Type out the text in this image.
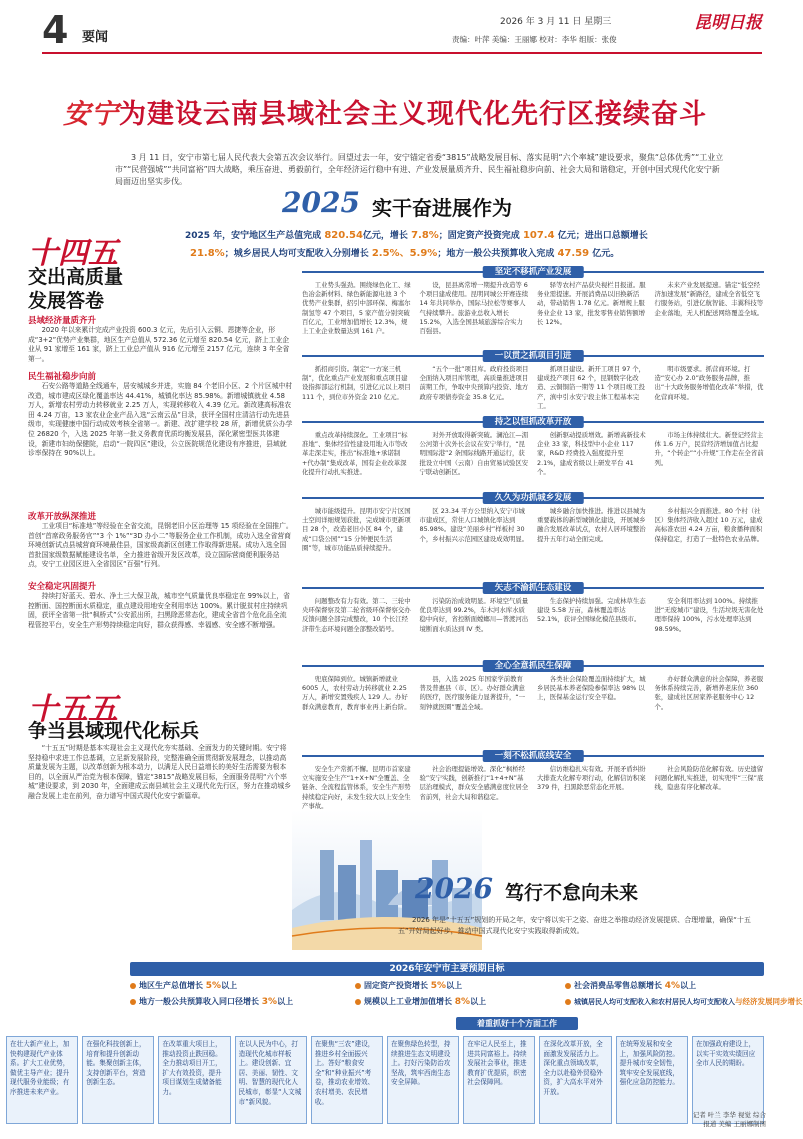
4 要闻
2026 年 3 月 11 日 星期三	昆明日报
责编：叶萍 美编：王丽娜 校对：李华 组版：张俊
安宁为建设云南县域社会主义现代化先行区接续奋斗
3 月 11 日，安宁市第七届人民代表大会第五次会议举行。回望过去一年，安宁锚定省委“3815”战略发展目标、落实昆明“六个率城”建设要求，聚焦“总体优秀”“工业立市”“民营强城”“共同富裕”四大战略，乘压奋进、勇毅前行，全年经济运行稳中有进、产业发展量质齐升、民生福祉稳步向前、社会大局和谐稳定，开创中国式现代化安宁新局面迈出坚实步伐。
2025 实干奋进展作为
2025 年，安宁地区生产总值完成 820.54亿元，增长 7.8%；固定资产投资完成 107.4 亿元；进出口总额增长
21.8%；城乡居民人均可支配收入分别增长 2.5%、5.9%；地方一般公共预算收入完成 47.59 亿元。
十四五
交出高质量
发展答卷
县域经济量质齐升
2020 年以来累计完成产业投资 600.3 亿元，先后引入云铜、恩捷等企业，形成“3+2”优势产业集群，地区生产总值从 572.36 亿元增至 820.54 亿元，跻上工业企业从 91 家增至 161 家，跻上工业总产值从 916 亿元增至 2157 亿元，连续 3 年全省第一。
民生福祉稳步向前
石安公路等道路全线通车，居安城城乡并进，实施 84 个老旧小区、2 个片区城中村改造，城市建成区绿化覆盖率达 44.41%，城镇化率达 85.98%。新增城镇就业 4.58 万人，新增农村劳动力转移就业 2.25 万人，实现转移收入 4.39 亿元。新改建高标准农田 4.24 万亩，13 家农业企业产品入选“云南云品”目录，获评全国村庄清洁行动先进县级市，实现健康中国行动成效考核全省第一。新建、改扩建学校 28 所，新增优质公办学位 26820 个，入选 2025 年第一批义务教育优质均衡发展县，深化紧密型医共体建设，新建市妇幼保健院，启动“一院四区”建设，公立医院规范化建设有序推进，县域就诊率保持在 90%以上。
改革开放纵深推进
工业项目“标准地”等经验在全省交流，昆钢老旧小区治理等 15 项经验在全国推广。首创“首席政务服务官”“3 个 1%”“3D 办小二”等服务企业工作机制，成功入选全省营商环境创新试点县城营商环境最佳县，国家级高新区创建工作取得新进展。成功入选全国首批国家级数据赋能建设名单，全力推进省级开发区改革，设立国际营商便利服务站点，安宁工业园区进入全省园区“百强”行列。
安全稳定巩固提升
持续打好蓝天、碧水、净土三大保卫战，城市空气质量优良率稳定在 99%以上，省控断面、国控断面水质稳定，重点建设用地安全利用率达 100%。累计脱贫村庄持续巩固，获评全省第一批“枫桥式”公安派出所，扫黑除恶常态化，建成全省首个危化品全流程管控平台，安全生产形势持续稳定向好，群众获得感、幸福感、安全感不断增强。
十五五
争当县域现代化标兵
“十五五”时期是基本实现社会主义现代化夯实基础、全面发力的关键时期。安宁将坚持稳中求进工作总基调，立足新发展阶段，完整准确全面贯彻新发展理念，以推动高质量发展为主题，以改革创新为根本动力，以满足人民日益增长的美好生活需要为根本目的，以全面从严治党为根本保障，锚定“3815”战略发展目标，全面服务昆明“六个率城”建设要求，到 2030 年，全面建成云南县域社会主义现代化先行区，努力在推动城乡融合发展上走在前列，奋力谱写中国式现代化安宁新篇章。
坚定不移抓产业发展
工业势头强劲。围绕绿色化工、绿色冶金新材料、绿色新能源电池 3 个优势产业集群，招引中部环保、梅塞尔制氢等 47 个项目，5 家产值分别突破百亿元，工业增加值增长 12.3%，规上工业企业数量达到 161 户。
设，昆县离常增一期提升改造等 6 个项目建成使用。昆明同城公开赛连续 14 年共同举办，国际马拉松等赛事人气持续攀升。旅游业总收入增长 15.2%，入选全国县域旅游综合实力百强县。
驿等农村产品获央视栏目报道。服务业需提速。开展消费品以旧换新活动，带动销售 1.78 亿元。新增规上服务业企业 13 家，批发零售业销售额增长 12%。
未来产业发展提速。锚定“低空经济加速发展”新路径，建成全省低空飞行服务站，引进亿航智能、丰翼科技等企业落地，无人机配送网络覆盖全域。
一以贯之抓项目引进
抓招商引资。制定“一方案三机制”，优化重点产业发展和重点项目建设指挥部运行机制，引进亿元以上项目 111 个，到位市外资金 210 亿元。
“五个一批”项目库。政府投资项目全面纳入项目库管理，高质量推进项目前期工作，争取中央预算内投资、地方政府专项债券资金 35.8 亿元。
抓项目建设。新开工项目 97 个，建成投产项目 62 个，昆钢数字化改造、云铜铜箔一期等 11 个项目竣工投产，滇中引水安宁段主体工程基本完工。
明市级要求。抓营商环境。打造“安心办 2.0”政务服务品牌，推出“十大政务服务增值化改革”举措，优化营商环境。
持之以恒抓改革开放
重点改革持续深化。工业项目“标准地”、集体经营性建设用地入市等改革走深走实，推出“标准地+承诺制+代办制”集成改革，国有企业改革深化提升行动扎实推进。
对外开放取得新突破。澜沧江—湄公河第十次外长会议在安宁举行，“昆明国际港”2 条国际线路开通运行，获批设立中国（云南）自由贸易试验区安宁联动创新区。
创新驱动提质增效。新增高新技术企业 33 家，科技型中小企业 117 家，R&D 经费投入强度提升至 2.1%，建成省级以上研发平台 41 个。
市场主体持续壮大。新登记经营主体 1.6 万户，民营经济增加值占比提升，“个转企”“小升规”工作走在全省前列。
久久为功抓城乡发展
城市能级提升。昆明市安宁片区国土空间详细规划获批，完成城市更新项目 28 个，改造老旧小区 84 个，建成“口袋公园”“15 分钟便民生活圈”等，城市功能品质持续提升。
区 23.34 平方公里纳入安宁市城市建成区，常住人口城镇化率达到 85.98%。建设“美丽乡村”样板村 30 个，乡村振兴示范园区建设成效明显。
城乡融合加快推进。推进以县城为重要载体的新型城镇化建设，开展城乡融合发展改革试点，农村人居环境整治提升五年行动全面完成。
乡村振兴全面推进。80 个村（社区）集体经济收入超过 10 万元，建成高标准农田 4.24 万亩，粮食播种面积保持稳定，打造了一批特色农业品牌。
矢志不渝抓生态建设
问题整改有力有效。第二、三轮中央环保督察及第二轮省级环保督察交办反馈问题全部完成整改，10 个长江经济带生态环境问题全部整改销号。
污染防治成效明显。环境空气质量优良率达到 99.2%，车木河水库水质稳中向好，省控断面螳螂川—普渡河出境断面水质达到 IV 类。
生态保护持续加强。完成林草生态建设 5.58 万亩，森林覆盖率达 52.1%，获评全国绿化模范县级市。
安全利用率达到 100%。持续推进“无废城市”建设，生活垃圾无害化处理率保持 100%，污水处理率达到 98.59%。
全心全意抓民生保障
兜底保障到位。城镇新增就业 6005 人，农村劳动力转移就业 2.25 万人，新增安置残疾人 129 人。办好群众满意教育，教育事业再上新台阶。
县，入选 2025 年国家学前教育普及普惠县（市、区）。办好群众满意的医疗，医疗服务能力显著提升，“一刻钟就医圈”覆盖全域。
各类社会保险覆盖面持续扩大，城乡居民基本养老保险参保率达 98% 以上，医保基金运行安全平稳。
办好群众满意的社会保障，养老服务体系持续完善，新增养老床位 360 张，建成社区居家养老服务中心 12 个。
一刻不松抓底线安全
安全生产常抓不懈。昆明市首家建立实施安全生产“1+X+N”全覆盖、全链条、全流程监管体系，安全生产形势持续稳定向好，未发生较大以上安全生产事故。
社会治理提能增效。深化“枫桥经验”安宁实践，创新推行“1+4+N”基层治理模式，群众安全感满意度位居全省前列，社会大局和谐稳定。
信访维稳扎实有效。开展矛盾纠纷大排查大化解专项行动，化解信访积案 379 件，扫黑除恶常态化开展。
社会风险防范化解有效。历史遗留问题化解扎实推进，切实兜牢“三保”底线，隐患有序化解改革。
2026 笃行不怠向未来
2026 年是“十五五”规划的开局之年，安宁将以实干之姿、奋进之举推动经济发展提质、合理增量，确保“十五五”开好局起好步，推动中国式现代化安宁实践取得新成效。
2026年安宁市主要预期目标
地区生产总值增长 5%以上	固定资产投资增长 5%以上	社会消费品零售总额增长 4%以上
地方一般公共预算收入同口径增长 3%以上	规模以上工业增加值增长 8%以上	城镇居民人均可支配收入和农村居民人均可支配收入与经济发展同步增长
着重抓好十个方面工作
在壮大新产业上，加快构建现代产业体系。扩大工业优势，做优主导产业；提升现代服务业能级；有序推进未来产业。
在强化科技创新上，培育和提升创新动能。集聚创新主体，支持创新平台，营造创新生态。
在改革重大项目上，推动投资止跌回稳。全力推动项目开工，扩大有效投资，提升项目谋划生成储备能力。
在以人民为中心，打造现代化城市样板上。建设创新、宜居、美丽、韧性、文明、智慧的现代化人民城市，彰显“人文城市”新风貌。
在聚焦“三农”建设，推进乡村全面振兴上。答好“粮食安全”和“种业振兴”考卷，推动农业增效、农村增美、农民增收。
在聚焦绿色转型，持续推进生态文明建设上。打好污染防治攻坚战，筑牢西南生态安全屏障。
在牢记人民至上，推进共同富裕上。持续发展社会事业，推进教育扩优提质，织密社会保障网。
在深化改革开放，全面激发发展活力上。深化重点领域改革，全力以赴稳外贸稳外资，扩大高水平对外开放。
在统筹发展和安全上，加强风险防控。提升城市安全韧性，筑牢安全发展底线，强化应急防控能力。
在加强政府建设上，以实干实效实绩回应全市人民的期盼。
记者 叶兰 李华 视觉 综合报道 美编 王丽娜制图
